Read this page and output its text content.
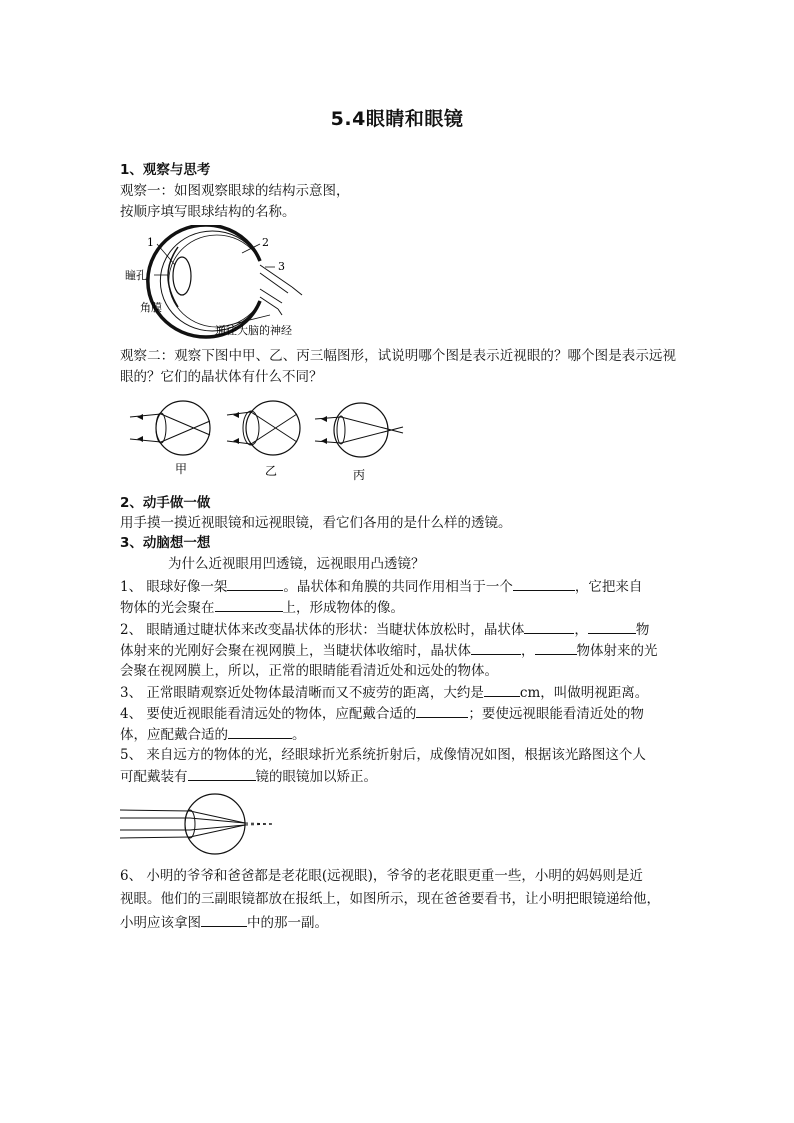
5.4眼睛和眼镜
1、观察与思考
观察一：如图观察眼球的结构示意图，
按顺序填写眼球结构的名称。
1	2
3
瞳孔
角膜
通往大脑的神经
观察二：观察下图中甲、乙、丙三幅图形，试说明哪个图是表示近视眼的？哪个图是表示远视眼的？它们的晶状体有什么不同？
甲	乙	丙
2、动手做一做
用手摸一摸近视眼镜和远视眼镜，看它们各用的是什么样的透镜。
3、动脑想一想
为什么近视眼用凹透镜，远视眼用凸透镜？
1、 眼球好像一架	。晶状体和角膜的共同作用相当于一个	，它把来自
物体的光会聚在	上，形成物体的像。
2、 眼睛通过睫状体来改变晶状体的形状：当睫状体放松时，晶状体	，	物
体射来的光刚好会聚在视网膜上，当睫状体收缩时，晶状体	，	物体射来的光
会聚在视网膜上，所以，正常的眼睛能看清近处和远处的物体。
3、 正常眼睛观察近处物体最清晰而又不疲劳的距离，大约是	cm，叫做明视距离。
4、 要使近视眼能看清远处的物体，应配戴合适的	；要使远视眼能看清近处的物
体，应配戴合适的	。
5、 来自远方的物体的光，经眼球折光系统折射后，成像情况如图，根据该光路图这个人
可配戴装有	镜的眼镜加以矫正。
6、 小明的爷爷和爸爸都是老花眼(远视眼)，爷爷的老花眼更重一些，小明的妈妈则是近
视眼。他们的三副眼镜都放在报纸上，如图所示，现在爸爸要看书，让小明把眼镜递给他，
小明应该拿图	中的那一副。
